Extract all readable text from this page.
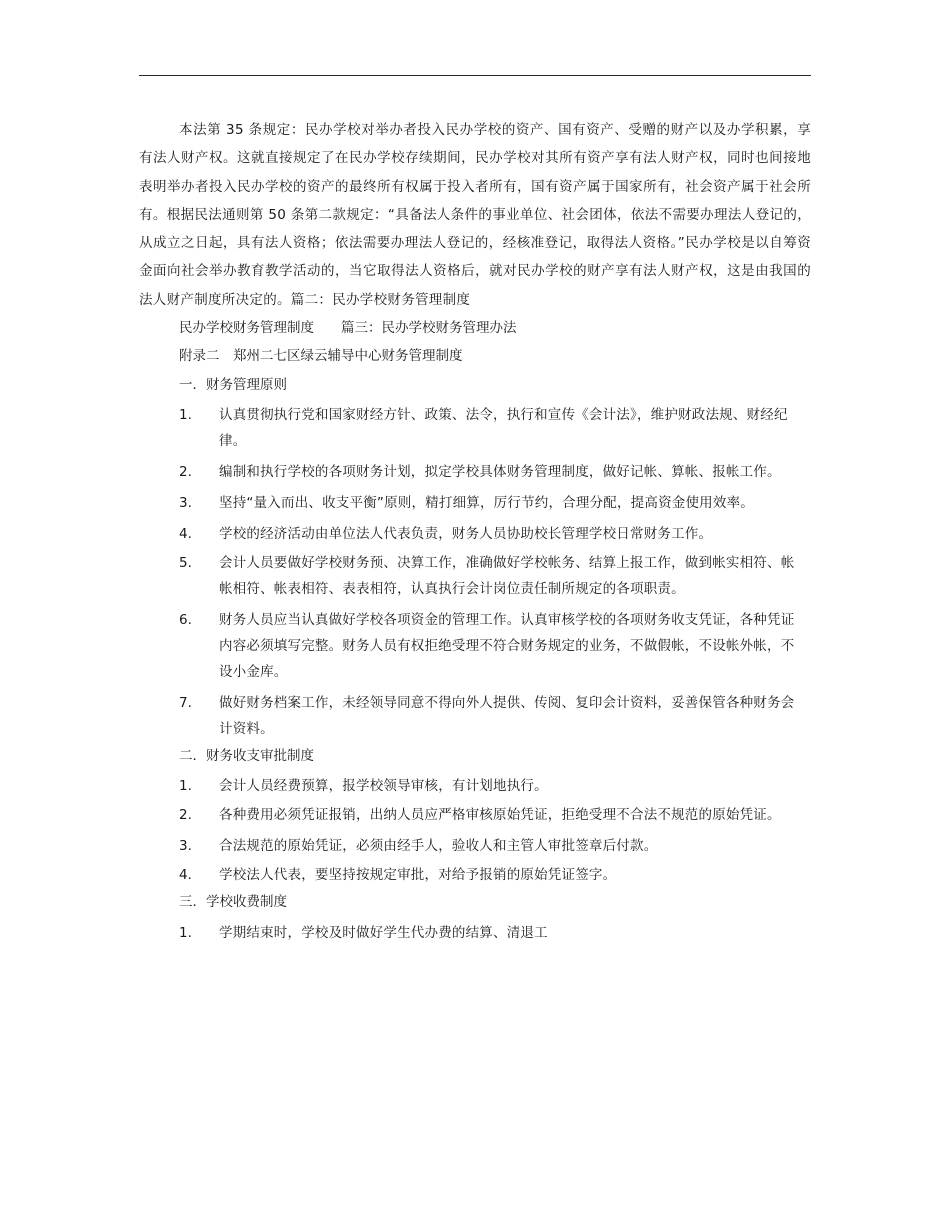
本法第 35 条规定：民办学校对举办者投入民办学校的资产、国有资产、受赠的财产以及办学积累，享有法人财产权。这就直接规定了在民办学校存续期间，民办学校对其所有资产享有法人财产权，同时也间接地表明举办者投入民办学校的资产的最终所有权属于投入者所有，国有资产属于国家所有，社会资产属于社会所有。根据民法通则第 50 条第二款规定：“具备法人条件的事业单位、社会团体，依法不需要办理法人登记的，从成立之日起，具有法人资格；依法需要办理法人登记的，经核准登记，取得法人资格。”民办学校是以自筹资金面向社会举办教育教学活动的，当它取得法人资格后，就对民办学校的财产享有法人财产权，这是由我国的法人财产制度所决定的。篇二：民办学校财务管理制度

民办学校财务管理制度　　篇三：民办学校财务管理办法

附录二　郑州二七区绿云辅导中心财务管理制度

一．财务管理原则

1.	认真贯彻执行党和国家财经方针、政策、法令，执行和宣传《会计法》，维护财政法规、财经纪律。
2.	编制和执行学校的各项财务计划，拟定学校具体财务管理制度，做好记帐、算帐、报帐工作。
3.	坚持“量入而出、收支平衡”原则，精打细算，厉行节约，合理分配，提高资金使用效率。
4.	学校的经济活动由单位法人代表负责，财务人员协助校长管理学校日常财务工作。
5.	会计人员要做好学校财务预、决算工作，准确做好学校帐务、结算上报工作，做到帐实相符、帐帐相符、帐表相符、表表相符，认真执行会计岗位责任制所规定的各项职责。
6.	财务人员应当认真做好学校各项资金的管理工作。认真审核学校的各项财务收支凭证，各种凭证内容必须填写完整。财务人员有权拒绝受理不符合财务规定的业务，不做假帐，不设帐外帐，不设小金库。
7.	做好财务档案工作，未经领导同意不得向外人提供、传阅、复印会计资料，妥善保管各种财务会计资料。

二．财务收支审批制度

1.	会计人员经费预算，报学校领导审核，有计划地执行。
2.	各种费用必须凭证报销，出纳人员应严格审核原始凭证，拒绝受理不合法不规范的原始凭证。
3.	合法规范的原始凭证，必须由经手人，验收人和主管人审批签章后付款。
4．	学校法人代表，要坚持按规定审批，对给予报销的原始凭证签字。

三．学校收费制度

1.	学期结束时，学校及时做好学生代办费的结算、清退工
